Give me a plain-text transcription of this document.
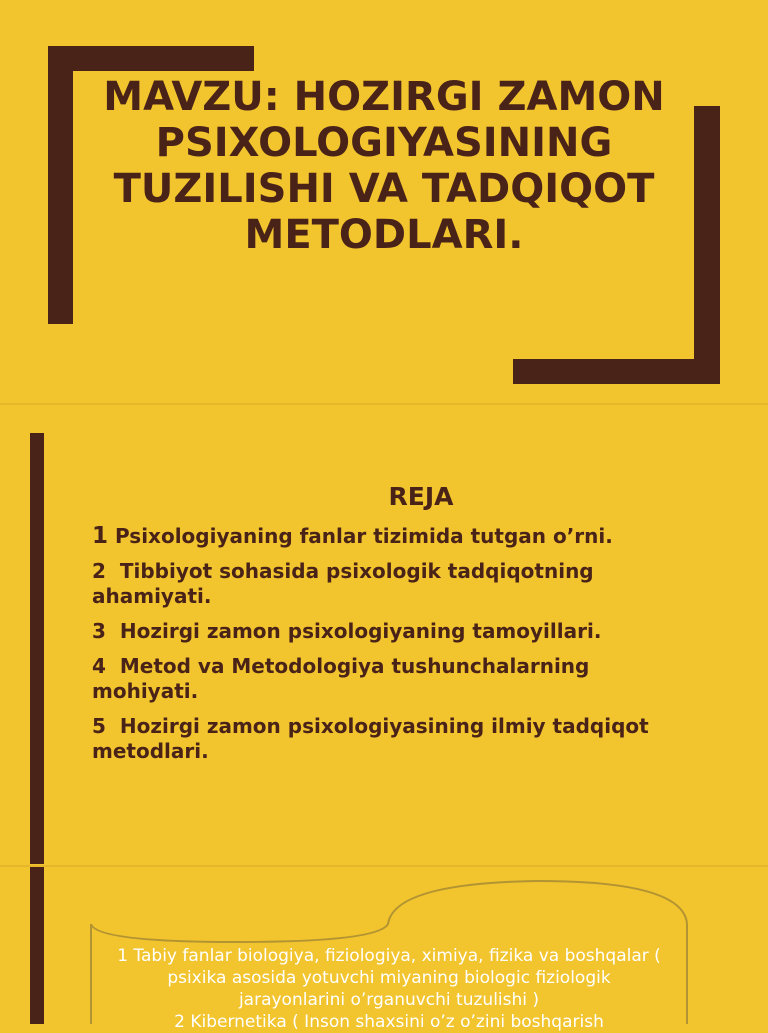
MAVZU: HOZIRGI ZAMON PSIXOLOGIYASINING TUZILISHI VA TADQIQOT METODLARI.
REJA
1 Psixologiyaning fanlar tizimida tutgan o’rni.
2 Tibbiyot sohasida psixologik tadqiqotning ahamiyati.
3 Hozirgi zamon psixologiyaning tamoyillari.
4 Metod va Metodologiya tushunchalarning mohiyati.
5 Hozirgi zamon psixologiyasining ilmiy tadqiqot metodlari.
1 Tabiy fanlar biologiya, fiziologiya, ximiya, fizika va boshqalar ( psixika asosida yotuvchi miyaning biologic fiziologik jarayonlarini o’rganuvchi tuzulishi )
2 Kibernetika ( Inson shaxsini o’z o’zini boshqarish
